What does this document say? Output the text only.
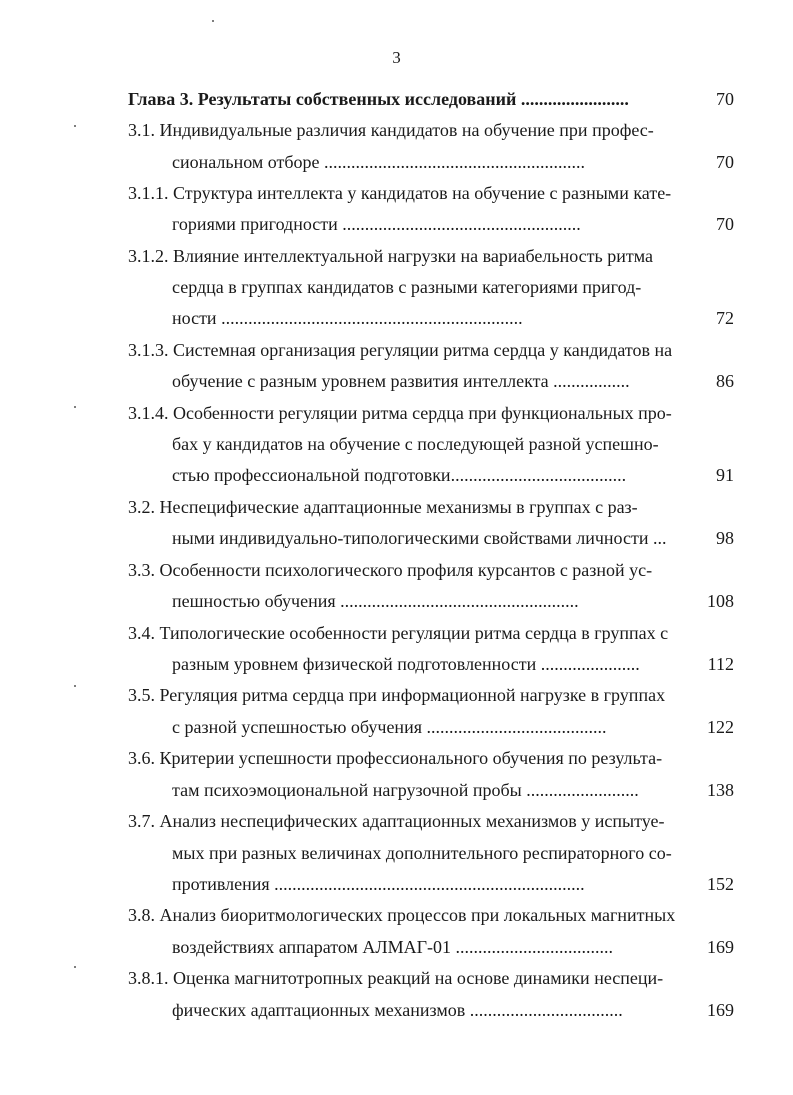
3
Глава 3. Результаты собственных исследований ........................	70
3.1. Индивидуальные различия кандидатов на обучение при профес-
сиональном отборе ..........................................................	70
3.1.1. Структура интеллекта у кандидатов на обучение с разными кате-
гориями пригодности .....................................................	70
3.1.2. Влияние интеллектуальной нагрузки на вариабельность ритма
сердца в группах кандидатов с разными категориями пригод-
ности ...................................................................	72
3.1.3. Системная организация регуляции ритма сердца у кандидатов на
обучение с разным уровнем развития интеллекта .................	86
3.1.4. Особенности регуляции ритма сердца при функциональных про-
бах у кандидатов на обучение с последующей разной успешно-
стью профессиональной подготовки.......................................	91
3.2. Неспецифические адаптационные механизмы в группах с раз-
ными индивидуально-типологическими свойствами личности ...	98
3.3. Особенности психологического профиля курсантов с разной ус-
пешностью обучения .....................................................	108
3.4. Типологические особенности регуляции ритма сердца в группах с
разным уровнем физической подготовленности ......................	112
3.5. Регуляция ритма сердца при информационной нагрузке в группах
с разной успешностью обучения ........................................	122
3.6. Критерии успешности профессионального обучения по результа-
там психоэмоциональной нагрузочной пробы .........................	138
3.7. Анализ неспецифических адаптационных механизмов у испытуе-
мых при разных величинах дополнительного респираторного со-
противления .....................................................................	152
3.8. Анализ биоритмологических процессов при локальных магнитных
воздействиях аппаратом АЛМАГ-01 ...................................	169
3.8.1. Оценка магнитотропных реакций на основе динамики неспеци-
фических адаптационных механизмов ..................................	169
